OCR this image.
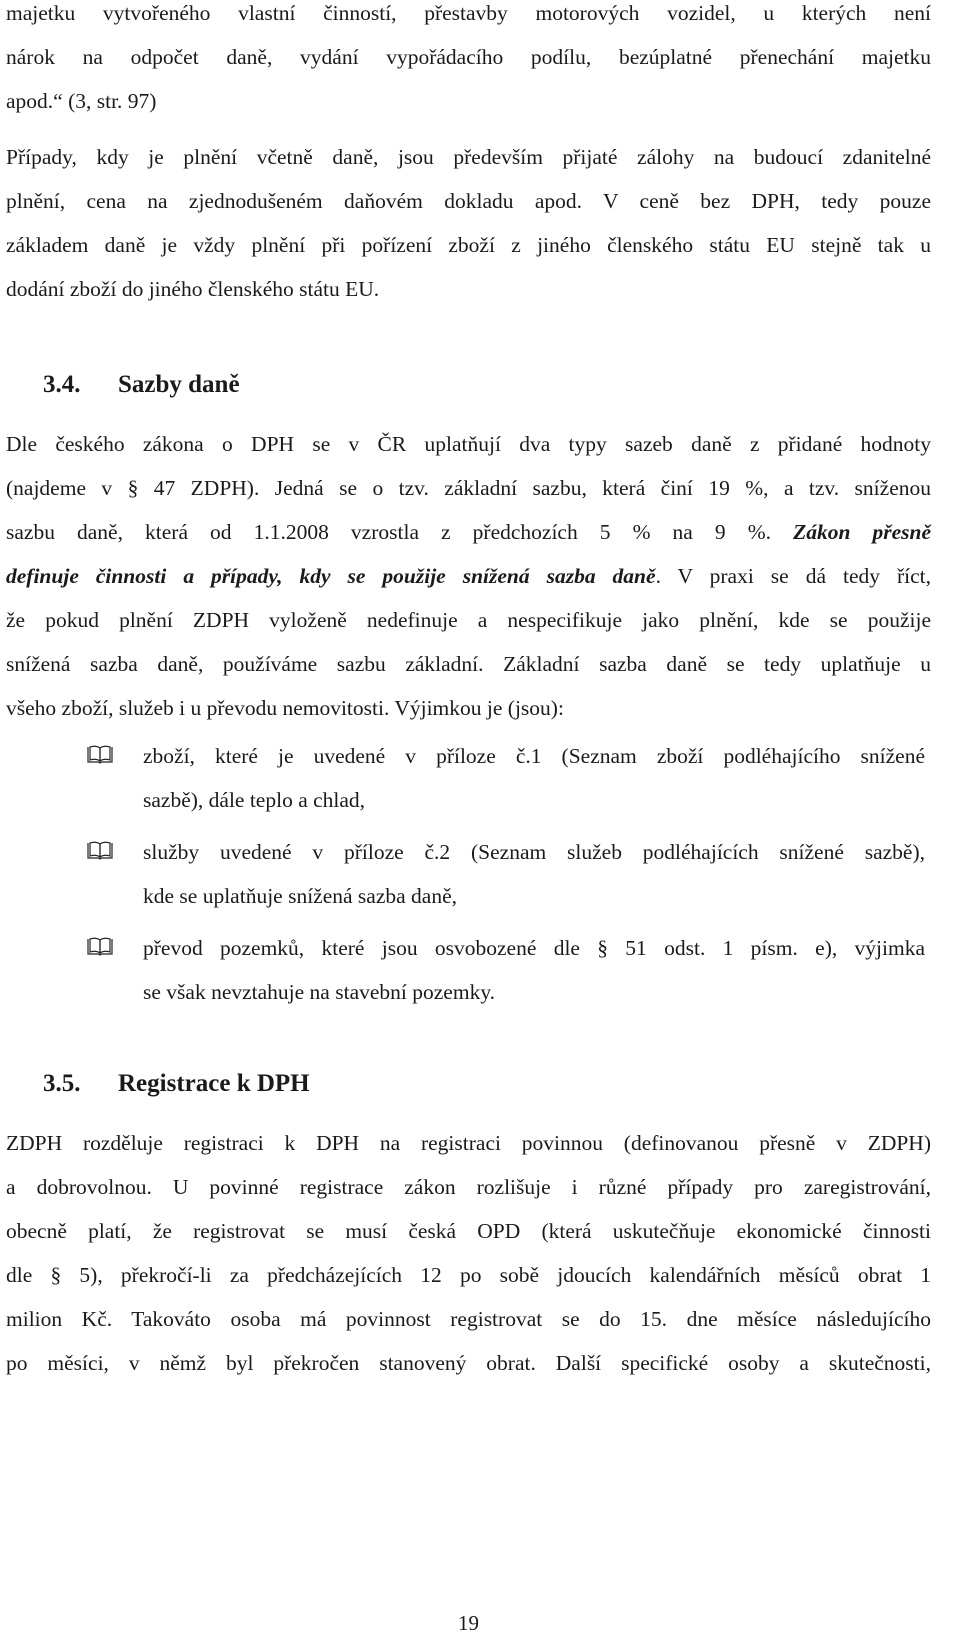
majetku vytvořeného vlastní činností, přestavby motorových vozidel, u kterých není
nárok na odpočet daně, vydání vypořádacího podílu, bezúplatné přenechání majetku
apod.“ (3, str. 97)
Případy, kdy je plnění včetně daně, jsou především přijaté zálohy na budoucí zdanitelné
plnění, cena na zjednodušeném daňovém dokladu apod. V ceně bez DPH, tedy pouze
základem daně je vždy plnění při pořízení zboží z jiného členského státu EU stejně tak u
dodání zboží do jiného členského státu EU.
3.4.	Sazby daně
Dle českého zákona o DPH se v ČR uplatňují dva typy sazeb daně z přidané hodnoty
(najdeme v § 47 ZDPH). Jedná se o tzv. základní sazbu, která činí 19 %, a tzv. sníženou
sazbu daně, která od 1.1.2008 vzrostla z předchozích 5 % na 9 %. Zákon přesně
definuje činnosti a případy, kdy se použije snížená sazba daně. V praxi se dá tedy říct,
že pokud plnění ZDPH vyloženě nedefinuje a nespecifikuje jako plnění, kde se použije
snížená sazba daně, používáme sazbu základní. Základní sazba daně se tedy uplatňuje u
všeho zboží, služeb i u převodu nemovitosti. Výjimkou je (jsou):
zboží, které je uvedené v příloze č.1 (Seznam zboží podléhajícího snížené
sazbě), dále teplo a chlad,
služby uvedené v příloze č.2 (Seznam služeb podléhajících snížené sazbě),
kde se uplatňuje snížená sazba daně,
převod pozemků, které jsou osvobozené dle § 51 odst. 1 písm. e), výjimka
se však nevztahuje na stavební pozemky.
3.5.	Registrace k DPH
ZDPH rozděluje registraci k DPH na registraci povinnou (definovanou přesně v ZDPH)
a dobrovolnou. U povinné registrace zákon rozlišuje i různé případy pro zaregistrování,
obecně platí, že registrovat se musí česká OPD (která uskutečňuje ekonomické činnosti
dle § 5), překročí-li za předcházejících 12 po sobě jdoucích kalendářních měsíců obrat 1
milion Kč. Takováto osoba má povinnost registrovat se do 15. dne měsíce následujícího
po měsíci, v němž byl překročen stanovený obrat. Další specifické osoby a skutečnosti,
19
